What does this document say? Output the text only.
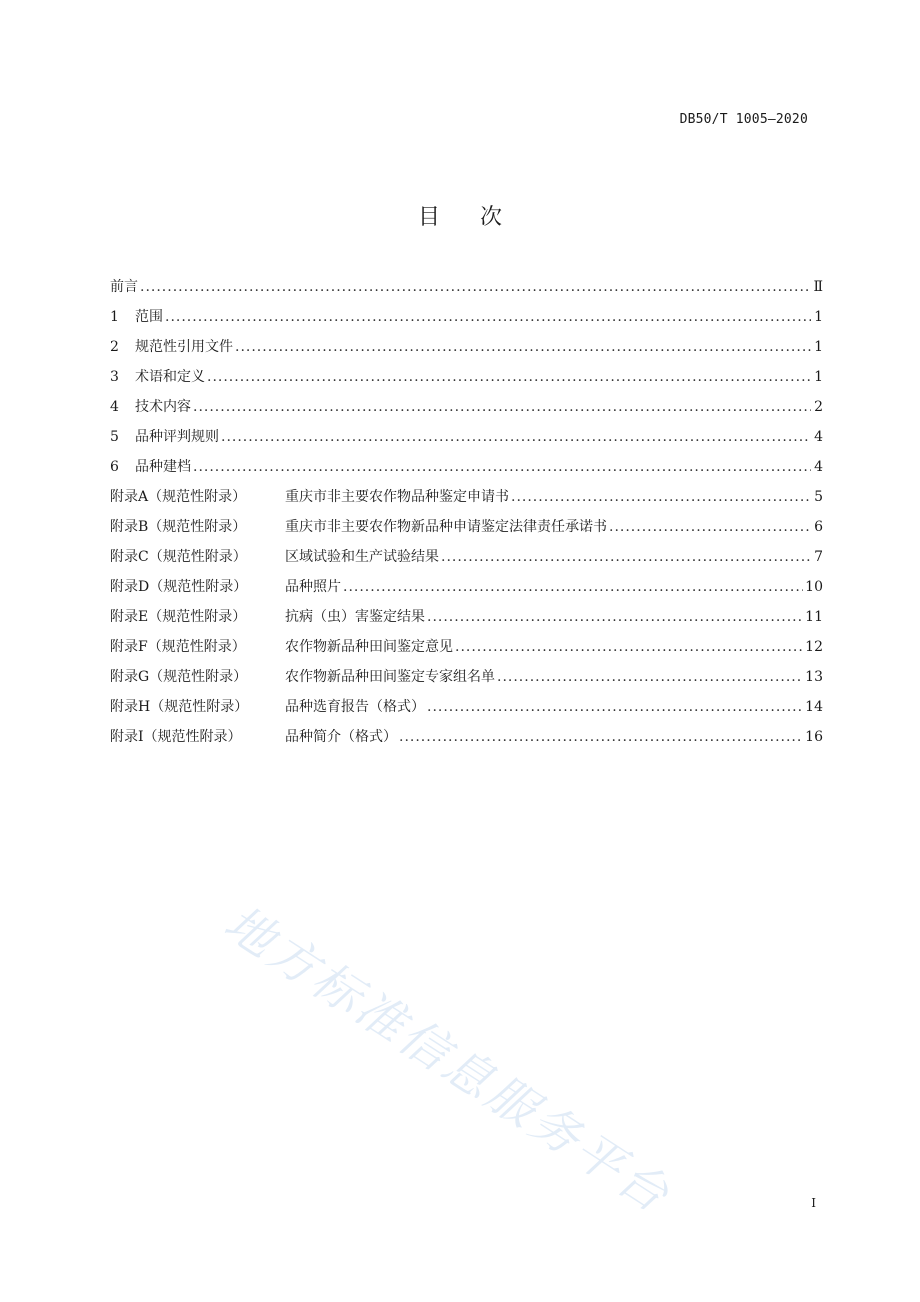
DB50/T 1005—2020
目次
前言 .....	Ⅱ
1	范围 .....	1
2	规范性引用文件 .....	1
3	术语和定义 .....	1
4	技术内容 .....	2
5	品种评判规则 .....	4
6	品种建档 .....	4
附录A（规范性附录）	重庆市非主要农作物品种鉴定申请书 .....	5
附录B（规范性附录）	重庆市非主要农作物新品种申请鉴定法律责任承诺书 .....	6
附录C（规范性附录）	区域试验和生产试验结果 .....	7
附录D（规范性附录）	品种照片 .....	10
附录E（规范性附录）	抗病（虫）害鉴定结果 .....	11
附录F（规范性附录）	农作物新品种田间鉴定意见 .....	12
附录G（规范性附录）	农作物新品种田间鉴定专家组名单 .....	13
附录H（规范性附录）	品种选育报告（格式） .....	14
附录I（规范性附录）	品种简介（格式） .....	16
I
地方标准信息服务平台
